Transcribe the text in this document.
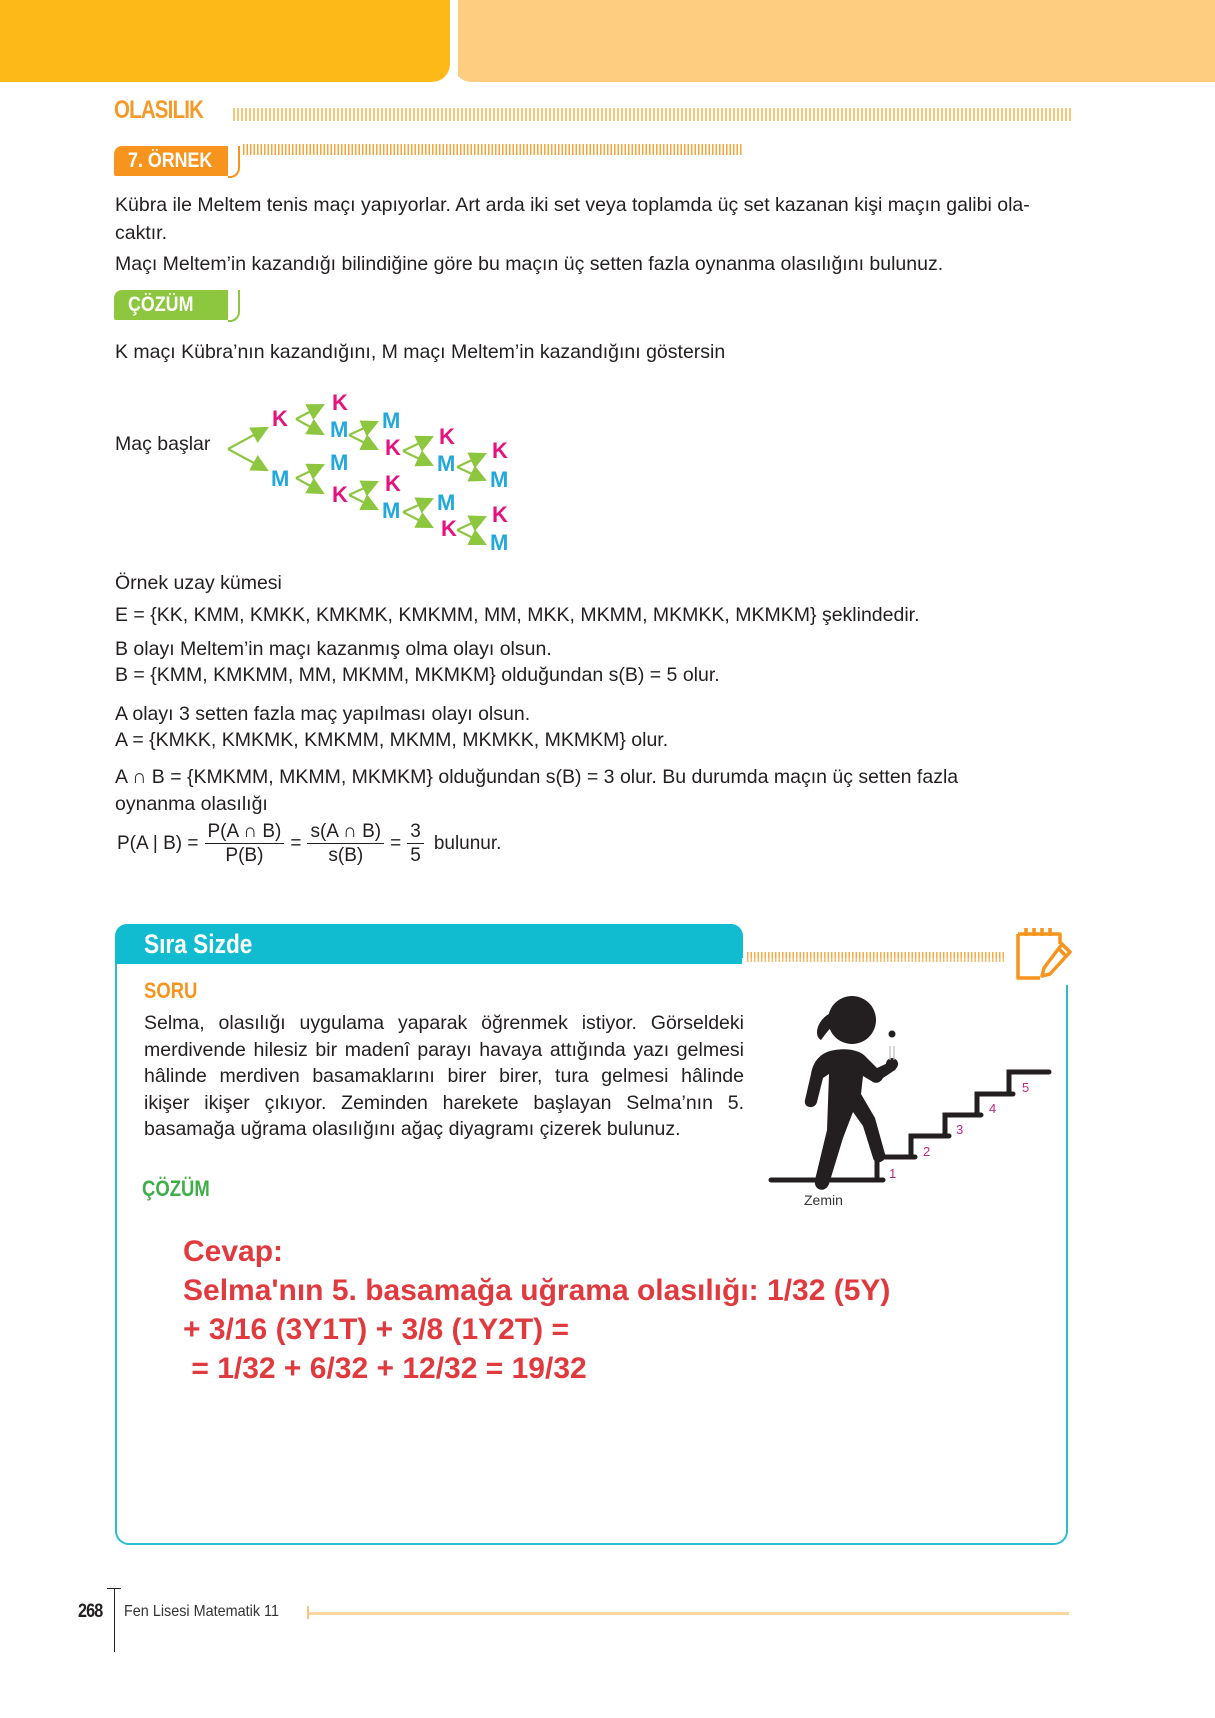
OLASILIK
7. ÖRNEK
Kübra ile Meltem tenis maçı yapıyorlar. Art arda iki set veya toplamda üç set kazanan kişi maçın galibi ola-
caktır.
Maçı Meltem’in kazandığı bilindiğine göre bu maçın üç setten fazla oynanma olasılığını bulunuz.
ÇÖZÜM
K maçı Kübra’nın kazandığını, M maçı Meltem’in kazandığını göstersin
Maç başlar
K
M
K
M
M
K
M
K
K
M
K
M
M
K
K
M
K
M
Örnek uzay kümesi
E = {KK, KMM, KMKK, KMKMK, KMKMM, MM, MKK, MKMM, MKMKK, MKMKM} şeklindedir.
B olayı Meltem’in maçı kazanmış olma olayı olsun.
B = {KMM, KMKMM, MM, MKMM, MKMKM} olduğundan s(B) = 5 olur.
A olayı 3 setten fazla maç yapılması olayı olsun.
A = {KMKK, KMKMK, KMKMM, MKMM, MKMKK, MKMKM} olur.
A ∩ B = {KMKMM, MKMM, MKMKM} olduğundan s(B) = 3 olur. Bu durumda maçın üç setten fazla
oynanma olasılığı
P(A | $B) = \frac{P(A \cap B)}{P(B)} = \frac{s(A \cap B)}{s(B)} = \frac{3}{5}$ bulunur.
Sıra Sizde
SORU
Selma, olasılığı uygulama yaparak öğrenmek istiyor. Görseldeki merdivende hilesiz bir madenî parayı havaya attığında yazı gelmesi hâlinde merdiven basamaklarını birer birer, tura gelmesi hâlinde ikişer ikişer çıkıyor. Zeminden harekete başlayan Selma’nın 5. basamağa uğrama olasılığını ağaç diyagramı çizerek bulunuz.
ÇÖZÜM
1
2
3
4
5
Zemin
Cevap:
Selma'nın 5. basamağa uğrama olasılığı: 1/32 (5Y)
+ 3/16 (3Y1T) + 3/8 (1Y2T) =
= 1/32 + 6/32 + 12/32 = 19/32
268 Fen Lisesi Matematik 11
